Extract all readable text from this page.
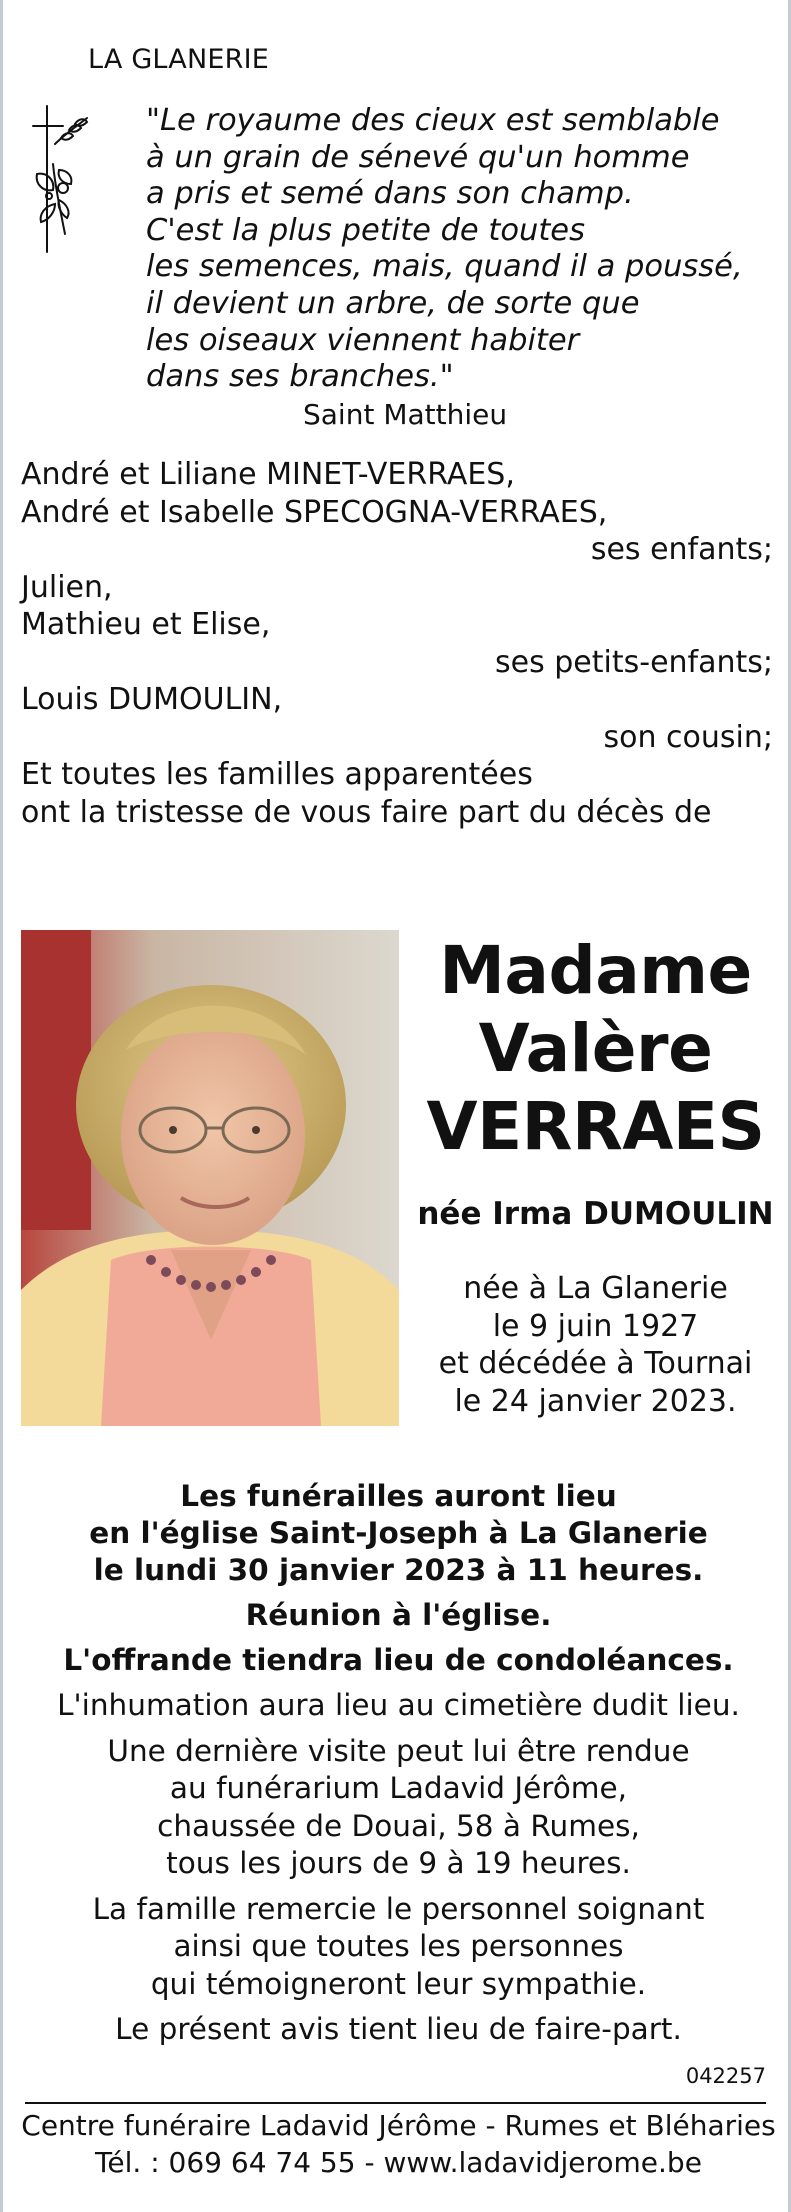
LA GLANERIE
"Le royaume des cieux est semblable
à un grain de sénevé qu'un homme
a pris et semé dans son champ.
C'est la plus petite de toutes
les semences, mais, quand il a poussé,
il devient un arbre, de sorte que
les oiseaux viennent habiter
dans ses branches."
Saint Matthieu
André et Liliane MINET-VERRAES,
André et Isabelle SPECOGNA-VERRAES,
ses enfants;
Julien,
Mathieu et Elise,
ses petits-enfants;
Louis DUMOULIN,
son cousin;
Et toutes les familles apparentées
ont la tristesse de vous faire part du décès de
Madame
Valère
VERRAES
née Irma DUMOULIN
née à La Glanerie
le 9 juin 1927
et décédée à Tournai
le 24 janvier 2023.
Les funérailles auront lieu
en l'église Saint-Joseph à La Glanerie
le lundi 30 janvier 2023 à 11 heures.
Réunion à l'église.
L'offrande tiendra lieu de condoléances.
L'inhumation aura lieu au cimetière dudit lieu.
Une dernière visite peut lui être rendue
au funérarium Ladavid Jérôme,
chaussée de Douai, 58 à Rumes,
tous les jours de 9 à 19 heures.
La famille remercie le personnel soignant
ainsi que toutes les personnes
qui témoigneront leur sympathie.
Le présent avis tient lieu de faire-part.
042257
Centre funéraire Ladavid Jérôme - Rumes et Bléharies
Tél. : 069 64 74 55 - www.ladavidjerome.be
